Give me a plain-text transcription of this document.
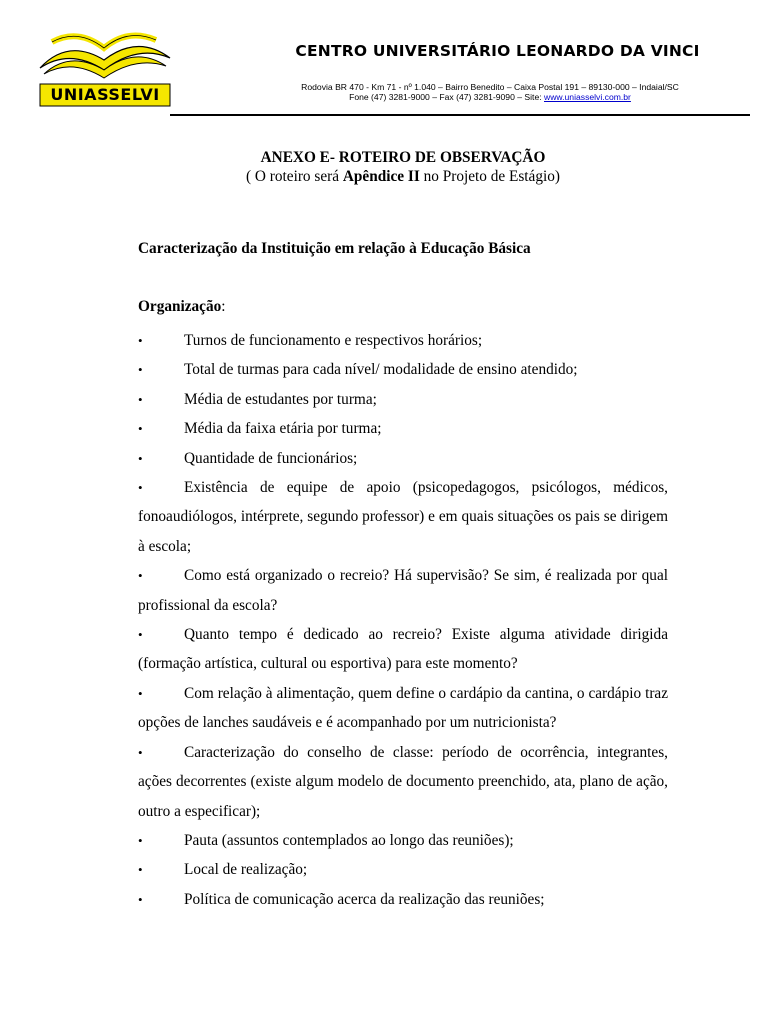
UNIASSELVI
CENTRO UNIVERSITÁRIO LEONARDO DA VINCI
Rodovia BR 470 - Km 71 - nº 1.040 – Bairro Benedito – Caixa Postal 191 – 89130-000 – Indaial/SC
Fone (47) 3281-9000 – Fax (47) 3281-9090 – Site: www.uniasselvi.com.br
ANEXO E- ROTEIRO DE OBSERVAÇÃO
( O roteiro será Apêndice II no Projeto de Estágio)
Caracterização da Instituição em relação à Educação Básica
Organização:
•	Turnos de funcionamento e respectivos horários;
•	Total de turmas para cada nível/ modalidade de ensino atendido;
•	Média de estudantes por turma;
•	Média da faixa etária por turma;
•	Quantidade de funcionários;
•	Existência de equipe de apoio (psicopedagogos, psicólogos, médicos, fonoaudiólogos, intérprete, segundo professor) e em quais situações os pais se dirigem à escola;
•	Como está organizado o recreio? Há supervisão? Se sim, é realizada por qual profissional da escola?
•	Quanto tempo é dedicado ao recreio? Existe alguma atividade dirigida (formação artística, cultural ou esportiva) para este momento?
•	Com relação à alimentação, quem define o cardápio da cantina, o cardápio traz opções de lanches saudáveis e é acompanhado por um nutricionista?
•	Caracterização do conselho de classe: período de ocorrência, integrantes, ações decorrentes (existe algum modelo de documento preenchido, ata, plano de ação, outro a especificar);
•	Pauta (assuntos contemplados ao longo das reuniões);
•	Local de realização;
•	Política de comunicação acerca da realização das reuniões;
